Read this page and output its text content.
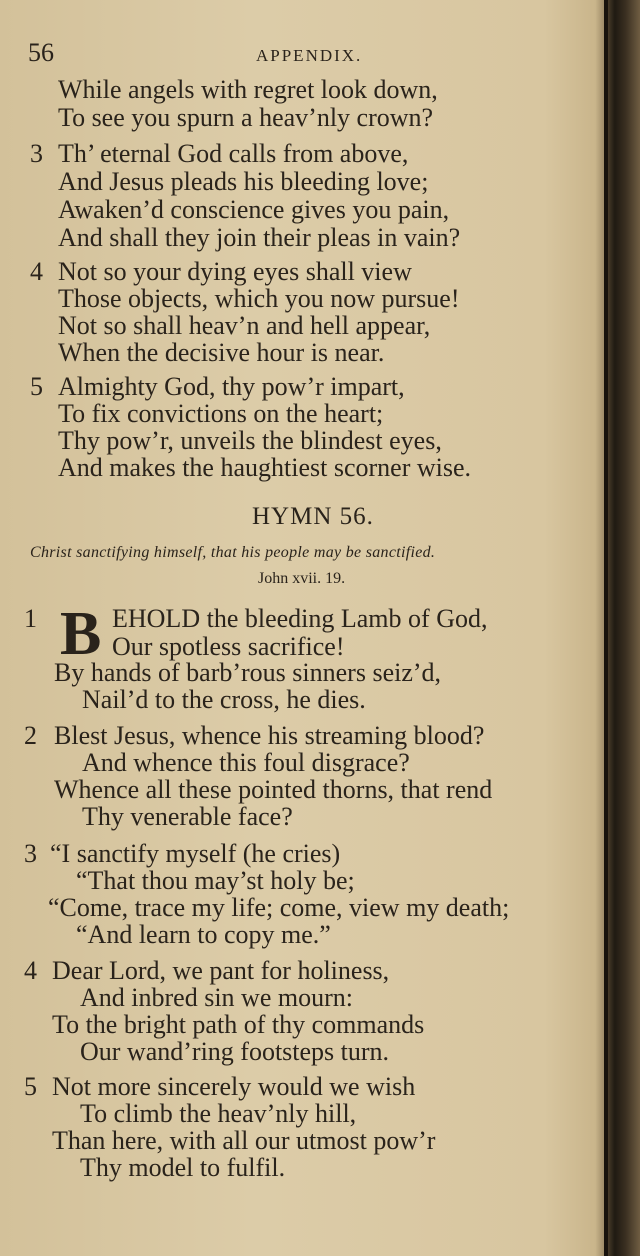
56	APPENDIX.
While angels with regret look down,
To see you spurn a heav’nly crown?
3 Th’ eternal God calls from above,
And Jesus pleads his bleeding love;
Awaken’d conscience gives you pain,
And shall they join their pleas in vain?
4 Not so your dying eyes shall view
Those objects, which you now pursue!
Not so shall heav’n and hell appear,
When the decisive hour is near.
5 Almighty God, thy pow’r impart,
To fix convictions on the heart;
Thy pow’r, unveils the blindest eyes,
And makes the haughtiest scorner wise.
HYMN 56.
Christ sanctifying himself, that his people may be sanctified.
John xvii. 19.
1 B EHOLD the bleeding Lamb of God,
Our spotless sacrifice!
By hands of barb’rous sinners seiz’d,
Nail’d to the cross, he dies.
2 Blest Jesus, whence his streaming blood?
And whence this foul disgrace?
Whence all these pointed thorns, that rend
Thy venerable face?
3 “I sanctify myself (he cries)
“That thou may’st holy be;
“Come, trace my life; come, view my death;
“And learn to copy me.”
4 Dear Lord, we pant for holiness,
And inbred sin we mourn:
To the bright path of thy commands
Our wand’ring footsteps turn.
5 Not more sincerely would we wish
To climb the heav’nly hill,
Than here, with all our utmost pow’r
Thy model to fulfil.
